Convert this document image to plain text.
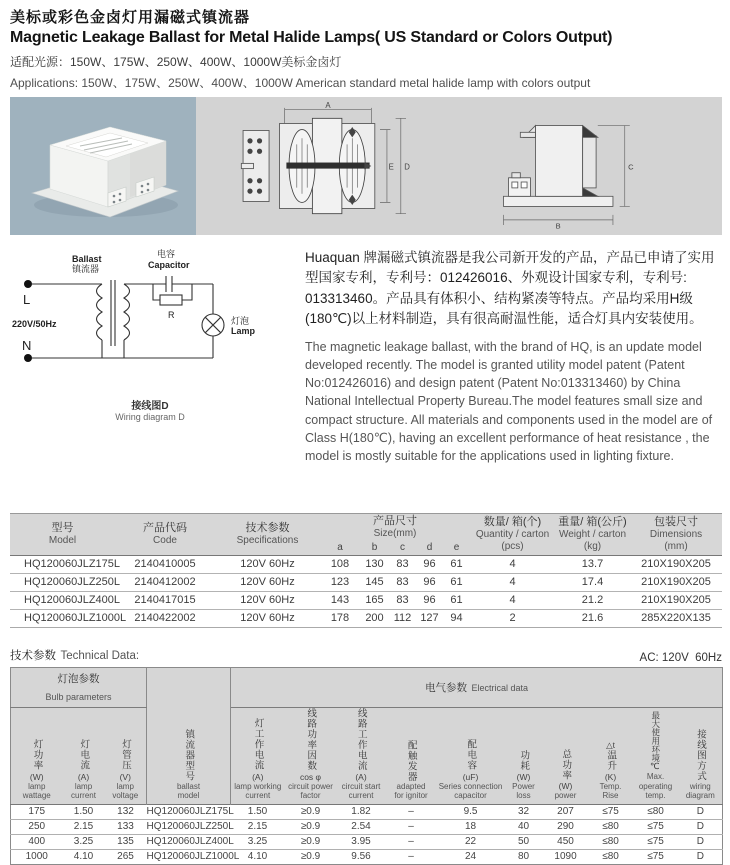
美标或彩色金卤灯用漏磁式镇流器
Magnetic Leakage Ballast for Metal Halide Lamps( US Standard or Colors Output)
适配光源：150W、175W、250W、400W、1000W美标金卤灯
Applications: 150W、175W、250W、400W、1000W American standard metal halide lamp with colors output
A
E D	C
B
L
N
220V/50Hz
Ballast
镇流器
电容
Capacitor
R
灯泡
Lamp
接线图D
Wiring diagram D

Huaquan 牌漏磁式镇流器是我公司新开发的产品，产品已申请了实用型国家专利，专利号：012426016、外观设计国家专利，专利号: 013313460。产品具有体积小、结构紧凑等特点。产品均采用H级(180℃)以上材料制造，具有很高耐温性能，适合灯具内安装使用。

The magnetic leakage ballast, with the brand of HQ, is an update model developed recently. The model is granted utility model patent (Patent No:012426016) and design patent (Patent No:013313460) by China National Intellectual Property Bureau.The model features small size and compact structure. All materials and components used in the model are of Class H(180℃), having an excellent performance of heat resistance , the model is mostly suitable for the applications used in lighting fixture.

型号
Model	产品代码
Code	技术参数
Specifications	产品尺寸
Size(mm)					数量/ 箱(个)
Quantity / carton
(pcs)	重量/ 箱(公斤)
Weight / carton
(kg)	包装尺寸
Dimensions
(mm)

			a	b	c	d	e			
HQ120060JLZ175L	2140410005	120V 60Hz	108	130	83	96	61	4	13.7	210X190X205
HQ120060JLZ250L	2140412002	120V 60Hz	123	145	83	96	61	4	17.4	210X190X205
HQ120060JLZ400L	2140417015	120V 60Hz	143	165	83	96	61	4	21.2	210X190X205
HQ120060JLZ1000L	2140422002	120V 60Hz	178	200	112	127	94	2	21.6	285X220X135
技术参数 Technical Data:	AC: 120V  60Hz
灯泡参数
Bulb parameters			镇流器型号
ballast
model	电气参数 Electrical data									

灯功率
(W)
lamp
wattage	灯电流
(A)
lamp
current	灯管压
(V)
lamp
voltage		灯工作电流
(A)
lamp working
current	线路功率因数
cos φ
circuit power
factor	线路工作电流
(A)
circuit start
current	配触发器
adapted
for ignitor	配电容
(uF)
Series connection
capacitor	功耗
(W)
Power
loss	总功率
(W)
power	△t
温升
(K)
Temp.
Rise	最大使用环境℃
Max.
operating temp.	接线图方式
wiring
diagram

175	1.50	132	HQ120060JLZ175L	1.50	≥0.9	1.82	–	9.5	32	207	≤75	≤80	D
250	2.15	133	HQ120060JLZ250L	2.15	≥0.9	2.54	–	18	40	290	≤80	≤75	D
400	3.25	135	HQ120060JLZ400L	3.25	≥0.9	3.95	–	22	50	450	≤80	≤75	D
1000	4.10	265	HQ120060JLZ1000L	4.10	≥0.9	9.56	–	24	80	1090	≤80	≤75	D
